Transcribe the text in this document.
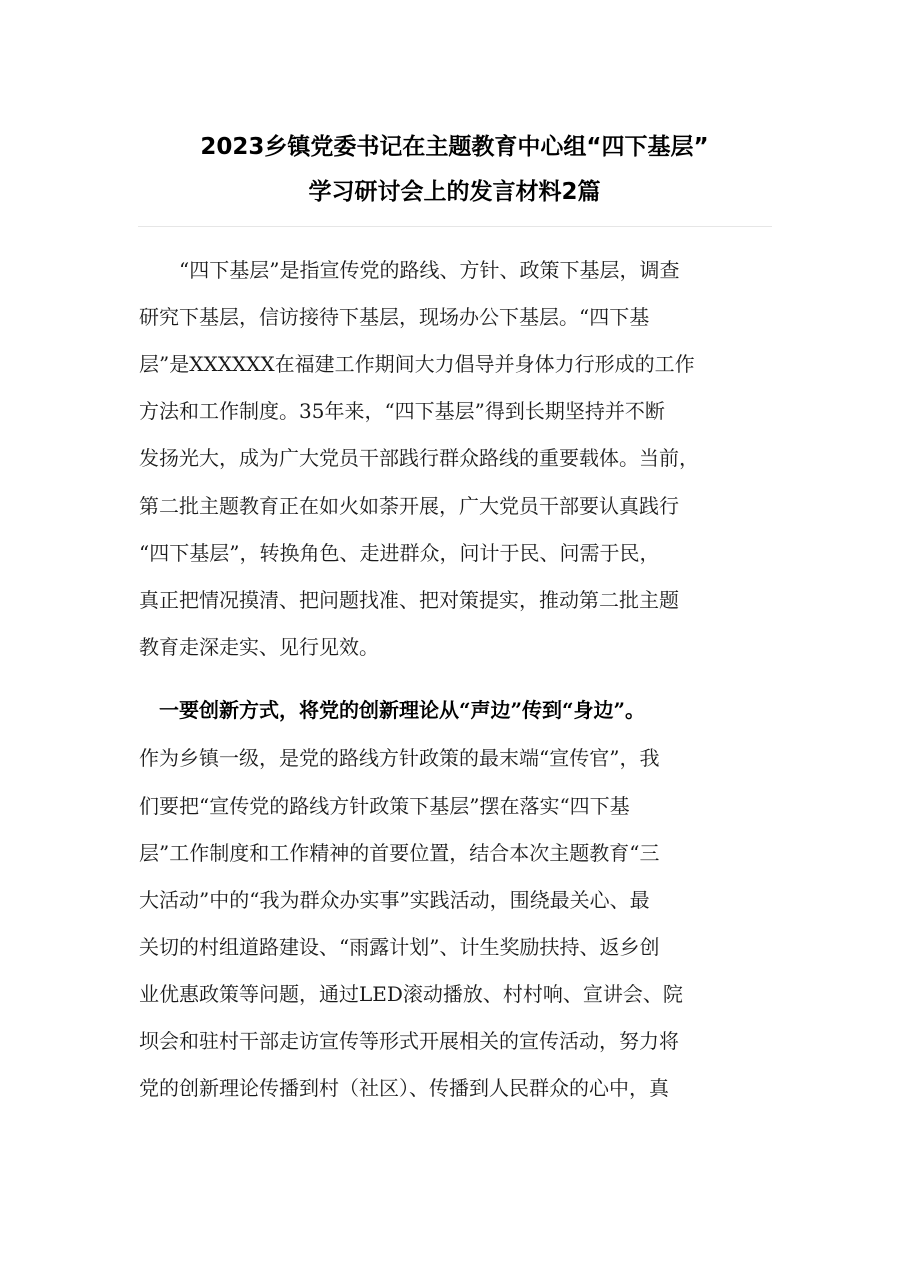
2023乡镇党委书记在主题教育中心组“四下基层”
学习研讨会上的发言材料2篇
　　“四下基层”是指宣传党的路线、方针、政策下基层，调查
研究下基层，信访接待下基层，现场办公下基层。“四下基
层”是XXXXXX在福建工作期间大力倡导并身体力行形成的工作
方法和工作制度。35年来，“四下基层”得到长期坚持并不断
发扬光大，成为广大党员干部践行群众路线的重要载体。当前，
第二批主题教育正在如火如荼开展，广大党员干部要认真践行
“四下基层”，转换角色、走进群众，问计于民、问需于民，
真正把情况摸清、把问题找准、把对策提实，推动第二批主题
教育走深走实、见行见效。
　一要创新方式，将党的创新理论从“声边”传到“身边”。
作为乡镇一级，是党的路线方针政策的最末端“宣传官”，我
们要把“宣传党的路线方针政策下基层”摆在落实“四下基
层”工作制度和工作精神的首要位置，结合本次主题教育“三
大活动”中的“我为群众办实事”实践活动，围绕最关心、最
关切的村组道路建设、“雨露计划”、计生奖励扶持、返乡创
业优惠政策等问题，通过LED滚动播放、村村响、宣讲会、院
坝会和驻村干部走访宣传等形式开展相关的宣传活动，努力将
党的创新理论传播到村（社区）、传播到人民群众的心中，真
